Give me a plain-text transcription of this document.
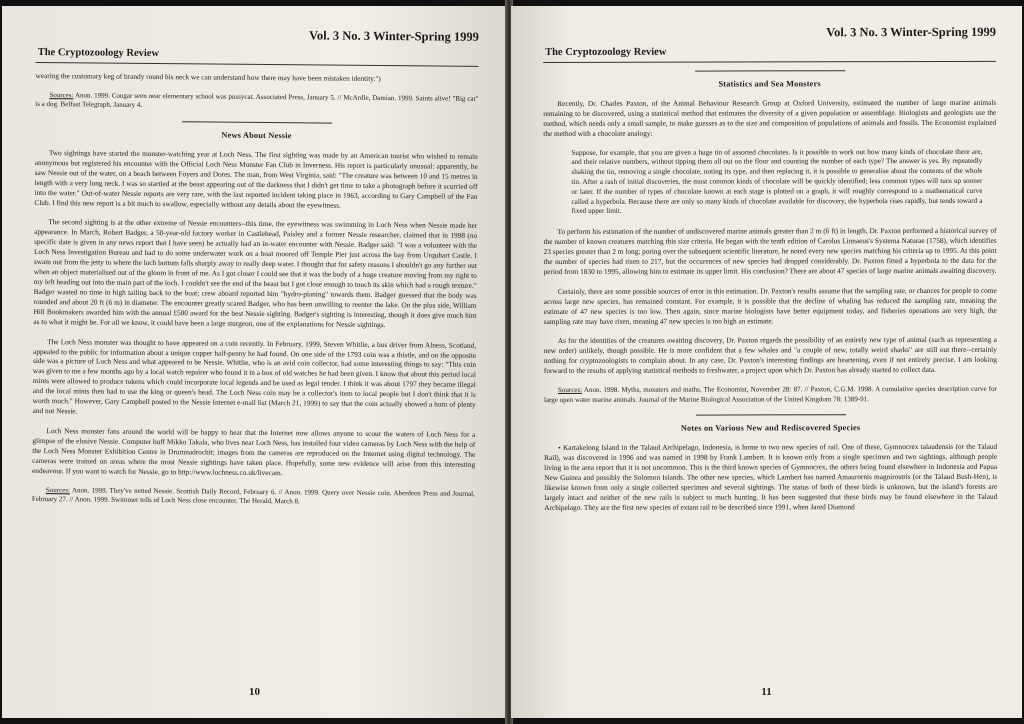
The Cryptozoology Review
Vol. 3 No. 3 Winter-Spring 1999

wearing the customary keg of brandy round his neck we can understand how there may have been mistaken identity.")

Sources: Anon. 1999. Cougar seen near elementary school was pussycat. Associated Press, January 5. // McArdle, Damian. 1999. Saints alive! "Big cat" is a dog. Belfast Telegraph, January 4.

News About Nessie

Two sightings have started the monster-watching year at Loch Ness. The first sighting was made by an American tourist who wished to remain anonymous but registered his encounter with the Official Loch Ness Monster Fan Club in Inverness. His report is particularly unusual: apparently, he saw Nessie out of the water, on a beach between Foyers and Dores. The man, from West Virginia, said: "The creature was between 10 and 15 metres in length with a very long neck. I was so startled at the beast appearing out of the darkness that I didn't get time to take a photograph before it scurried off into the water." Out-of-water Nessie reports are very rare, with the last reported incident taking place in 1963, according to Gary Campbell of the Fan Club. I find this new report is a bit much to swallow, especially without any details about the eyewitness.

The second sighting is at the other extreme of Nessie encounters--this time, the eyewitness was swimming in Loch Ness when Nessie made her appearance. In March, Robert Badger, a 50-year-old factory worker in Castlehead, Paisley and a former Nessie researcher, claimed that in 1998 (no specific date is given in any news report that I have seen) he actually had an in-water encounter with Nessie. Badger said: "I was a volunteer with the Loch Ness Investigation Bureau and had to do some underwater work on a boat moored off Temple Pier just across the bay from Urquhart Castle. I swam out from the jetty to where the loch bottom falls sharply away to really deep water. I thought that for safety reasons I shouldn't go any further out when an object materialised out of the gloom in front of me. As I got closer I could see that it was the body of a huge creature moving from my right to my left heading out into the main part of the loch. I couldn't see the end of the beast but I got close enough to touch its skin which had a rough texture." Badger wasted no time in high tailing back to the boat; crew aboard reported him "hydro-planing" towards them. Badger guessed that the body was rounded and about 20 ft (6 m) in diameter. The encounter greatly scared Badger, who has been unwilling to reenter the lake. On the plus side, William Hill Bookmakers awarded him with the annual £500 award for the best Nessie sighting. Badger's sighting is interesting, though it does give much hint as to what it might be. For all we know, it could have been a large sturgeon, one of the explanations for Nessie sightings.

The Loch Ness monster was thought to have appeared on a coin recently. In February, 1999, Steven Whitlie, a bus driver from Alness, Scotland, appealed to the public for information about a unique copper half-penny he had found. On one side of the 1793 coin was a thistle, and on the opposite side was a picture of Loch Ness and what appeared to be Nessie. Whitlie, who is an avid coin collector, had some interesting things to say: "This coin was given to me a few months ago by a local watch repairer who found it in a box of old watches he had been given. I know that about this period local mints were allowed to produce tokens which could incorporate local legends and be used as legal tender. I think it was about 1797 they became illegal and the local mints then had to use the king or queen's head. The Loch Ness coin may be a collector's item to local people but I don't think that it is worth much." However, Gary Campbell posted to the Nessie Internet e-mail list (March 21, 1999) to say that the coin actually showed a horn of plenty and not Nessie.

Loch Ness monster fans around the world will be happy to hear that the Internet now allows anyone to scour the waters of Loch Ness for a glimpse of the elusive Nessie. Computer buff Mikko Takala, who lives near Loch Ness, has installed four video cameras by Loch Ness with the help of the Loch Ness Monster Exhibition Centre in Drumnadrochit; images from the cameras are reproduced on the Internet using digital technology. The cameras were trained on areas where the most Nessie sightings have taken place. Hopefully, some new evidence will arise from this interesting endeavour. If you want to watch for Nessie, go to http://www.lochness.co.uk/livecam.

Sources: Anon. 1999. They've netted Nessie. Scottish Daily Record, February 6. // Anon. 1999. Query over Nessie coin. Aberdeen Press and Journal, February 27. // Anon. 1999. Swimmer tells of Loch Ness close encounter. The Herald, March 8.

10
The Cryptozoology Review
Vol. 3 No. 3 Winter-Spring 1999
Statistics and Sea Monsters

Recently, Dr. Charles Paxton, of the Animal Behaviour Research Group at Oxford University, estimated the number of large marine animals remaining to be discovered, using a statistical method that estimates the diversity of a given population or assemblage. Biologists and geologists use the method, which needs only a small sample, to make guesses as to the size and composition of populations of animals and fossils. The Economist explained the method with a chocolate analogy:

Suppose, for example, that you are given a huge tin of assorted chocolates. Is it possible to work out how many kinds of chocolate there are, and their relative numbers, without tipping them all out on the floor and counting the number of each type? The answer is yes. By repeatedly shaking the tin, removing a single chocolate, noting its type, and then replacing it, it is possible to generalise about the contents of the whole tin. After a rash of initial discoveries, the most common kinds of chocolate will be quickly identified; less common types will turn up sooner or later. If the number of types of chocolate known at each stage is plotted on a graph, it will roughly correspond to a mathematical curve called a hyperbola. Because there are only so many kinds of chocolate available for discovery, the hyperbola rises rapidly, but tends toward a fixed upper limit.

To perform his estimation of the number of undiscovered marine animals greater than 2 m (6 ft) in length, Dr. Paxton performed a historical survey of the number of known creatures matching this size criteria. He began with the tenth edition of Carolus Linnaeus's Systema Naturae (1758), which identifies 23 species greater than 2 m long; poring over the subsequent scientific literature, he noted every new species matching his criteria up to 1995. At this point the number of species had risen to 217, but the occurences of new species had dropped considerably. Dr. Paxton fitted a hyperbola to the data for the period from 1830 to 1995, allowing him to estimate its upper limit. His conclusion? There are about 47 species of large marine animals awaiting discovery.

Certainly, there are some possible sources of error in this estimation. Dr. Paxton's results assume that the sampling rate, or chances for people to come across large new species, has remained constant. For example, it is possible that the decline of whaling has reduced the sampling rate, meaning the estimate of 47 new species is too low. Then again, since marine biologists have better equipment today, and fisheries operations are very high, the sampling rate may have risen, meaning 47 new species is too high an estimate.

As for the identities of the creatures awaiting discovery, Dr. Paxton regards the possibility of an entirely new type of animal (such as representing a new order) unlikely, though possible. He is more confident that a few whales and "a couple of new, totally weird sharks" are still out there--certainly nothing for cryptozoologists to complain about. In any case, Dr. Paxton's interesting findings are heartening, even if not entirely precise. I am looking forward to the results of applying statistical methods to freshwater, a project upon which Dr. Paxton has already started to collect data.

Sources: Anon. 1998. Myths, monsters and maths. The Economist, November 28: 87. // Paxton, C.G.M. 1998. A cumulative species description curve for large open water marine animals. Journal of the Marine Biological Association of the United Kingdom 78: 1389-91.

Notes on Various New and Rediscovered Species

• Kartakelong Island in the Talaud Archipelago, Indonesia, is home to two new species of rail. One of these, Gymnocrex talaudensis (or the Talaud Rail), was discovered in 1996 and was named in 1998 by Frank Lambert. It is known only from a single specimen and two sightings, although people living in the area report that it is not uncommon. This is the third known species of Gymnocrex, the others being found elsewhere in Indonesia and Papua New Guinea and possibly the Solomon Islands. The other new species, which Lambert has named Amaurornis magnirostris (or the Talaud Bush-Hen), is likewise known from only a single collected specimen and several sightings. The status of both of these birds is unknown, but the island's forests are largely intact and neither of the new rails is subject to much hunting. It has been suggested that these birds may be found elsewhere in the Talaud Archipelago. They are the first new species of extant rail to be described since 1991, when Jared Diamond

11
